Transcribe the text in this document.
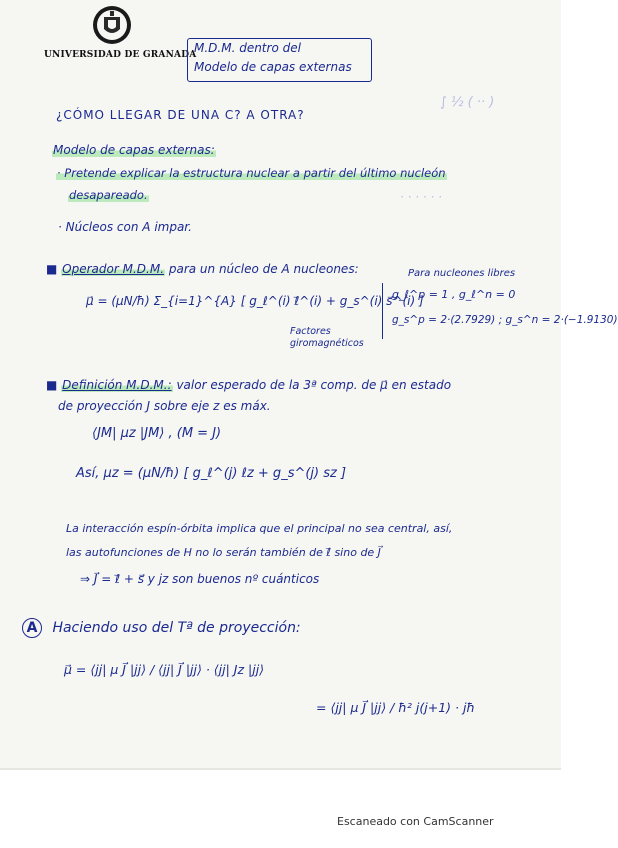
UNIVERSIDAD DE GRANADA
M.D.M. dentro del
Modelo de capas externas
∫ ½ ( ·· )
· · · · · ·
¿CÓMO LLEGAR DE UNA C? A OTRA?
Modelo de capas externas:
· Pretende explicar la estructura nuclear a partir del último nucleón
desapareado.
· Núcleos con A impar.
■ Operador M.D.M. para un núcleo de A nucleones:
μ⃗ = (μN/ħ) Σ_{i=1}^{A} [ g_ℓ^(i) ℓ⃗^(i) + g_s^(i) s⃗^(i) ]
Para nucleones libres
g_ℓ^p = 1 , g_ℓ^n = 0
g_s^p = 2·(2.7929) ; g_s^n = 2·(−1.9130)
Factores giromagnéticos
■ Definición M.D.M.: valor esperado de la 3ª comp. de μ⃗ en estado
de proyección J sobre eje z es máx.
⟨JM| μz |JM⟩ , (M = J)
Así, μz = (μN/ħ) [ g_ℓ^(j) ℓz + g_s^(j) sz ]
La interacción espín-órbita implica que el principal no sea central, así,
las autofunciones de H no lo serán también de ℓ⃗ sino de J⃗
⇒ J⃗ = ℓ⃗ + s⃗ y jz son buenos nº cuánticos
A Haciendo uso del Tª de proyección:
μ⃗ = ⟨jj| μ J⃗ |jj⟩ / ⟨jj| J⃗ |jj⟩ · ⟨jj| Jz |jj⟩
= ⟨jj| μ J⃗ |jj⟩ / ħ² j(j+1) · jħ
Escaneado con CamScanner
